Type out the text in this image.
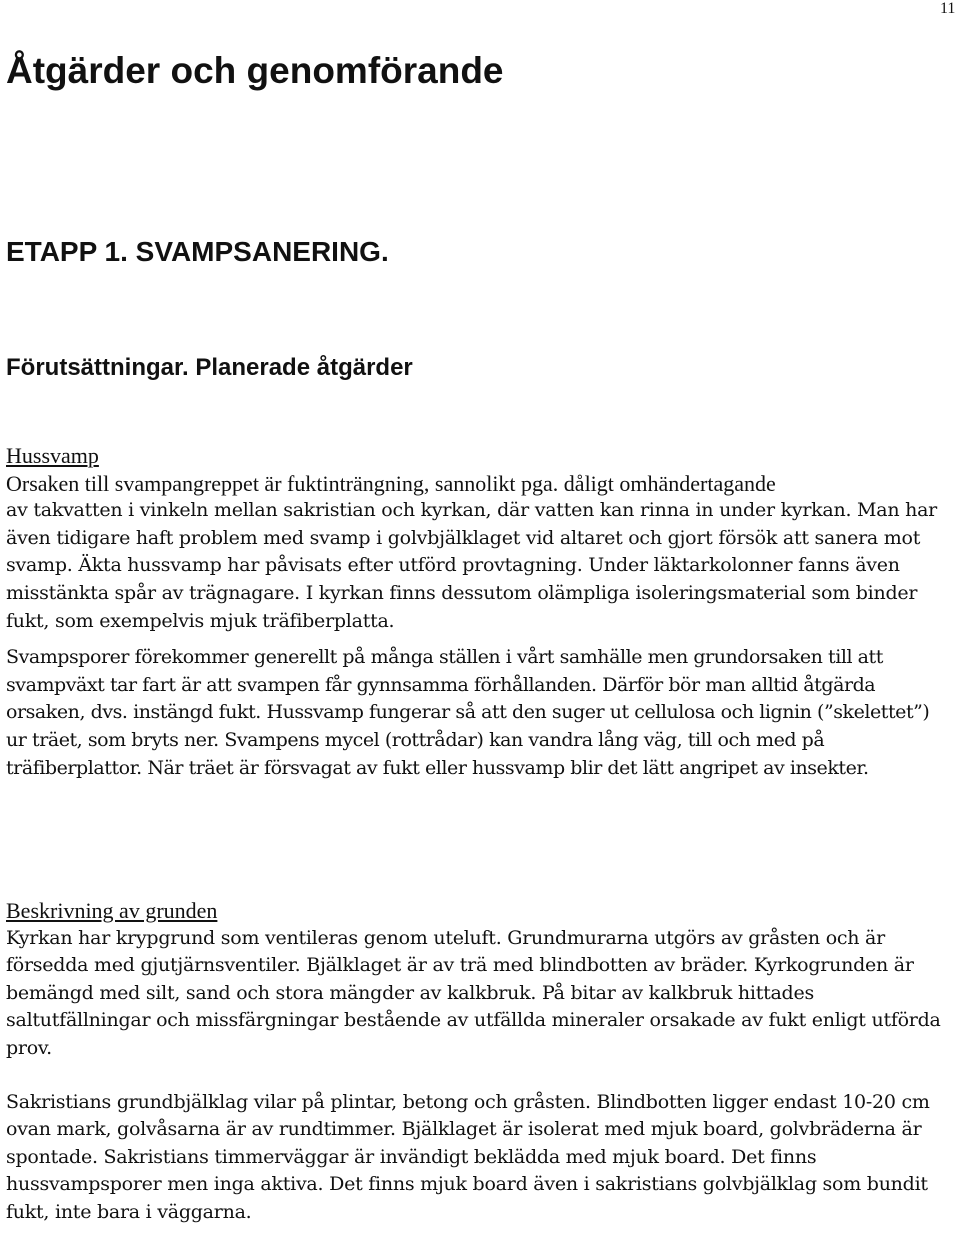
11
Åtgärder och genomförande
ETAPP 1. SVAMPSANERING.
Förutsättningar. Planerade åtgärder

Hussvamp

Orsaken till svampangreppet är fuktinträngning, sannolikt pga. dåligt omhändertagande

av takvatten i vinkeln mellan sakristian och kyrkan, där vatten kan rinna in under kyrkan. Man har även tidigare haft problem med svamp i golvbjälklaget vid altaret och gjort försök att sanera mot svamp. Äkta hussvamp har påvisats efter utförd provtagning. Under läktarkolonner fanns även misstänkta spår av trägnagare. I kyrkan finns dessutom olämpliga isoleringsmaterial som binder fukt, som exempelvis mjuk träfiberplatta.

Svampsporer förekommer generellt på många ställen i vårt samhälle men grundorsaken till att svampväxt tar fart är att svampen får gynnsamma förhållanden. Därför bör man alltid åtgärda orsaken, dvs. instängd fukt. Hussvamp fungerar så att den suger ut cellulosa och lignin (”skelettet”) ur träet, som bryts ner. Svampens mycel (rottrådar) kan vandra lång väg, till och med på träfiberplattor. När träet är försvagat av fukt eller hussvamp blir det lätt angripet av insekter.

Beskrivning av grunden

Kyrkan har krypgrund som ventileras genom uteluft. Grundmurarna utgörs av gråsten och är försedda med gjutjärnsventiler. Bjälklaget är av trä med blindbotten av bräder. Kyrkogrunden är bemängd med silt, sand och stora mängder av kalkbruk. På bitar av kalkbruk hittades saltutfällningar och missfärgningar bestående av utfällda mineraler orsakade av fukt enligt utförda prov.

Sakristians grundbjälklag vilar på plintar, betong och gråsten. Blindbotten ligger endast 10-20 cm ovan mark, golvåsarna är av rundtimmer. Bjälklaget är isolerat med mjuk board, golvbräderna är spontade. Sakristians timmerväggar är invändigt beklädda med mjuk board. Det finns hussvampsporer men inga aktiva. Det finns mjuk board även i sakristians golvbjälklag som bundit fukt, inte bara i väggarna.
